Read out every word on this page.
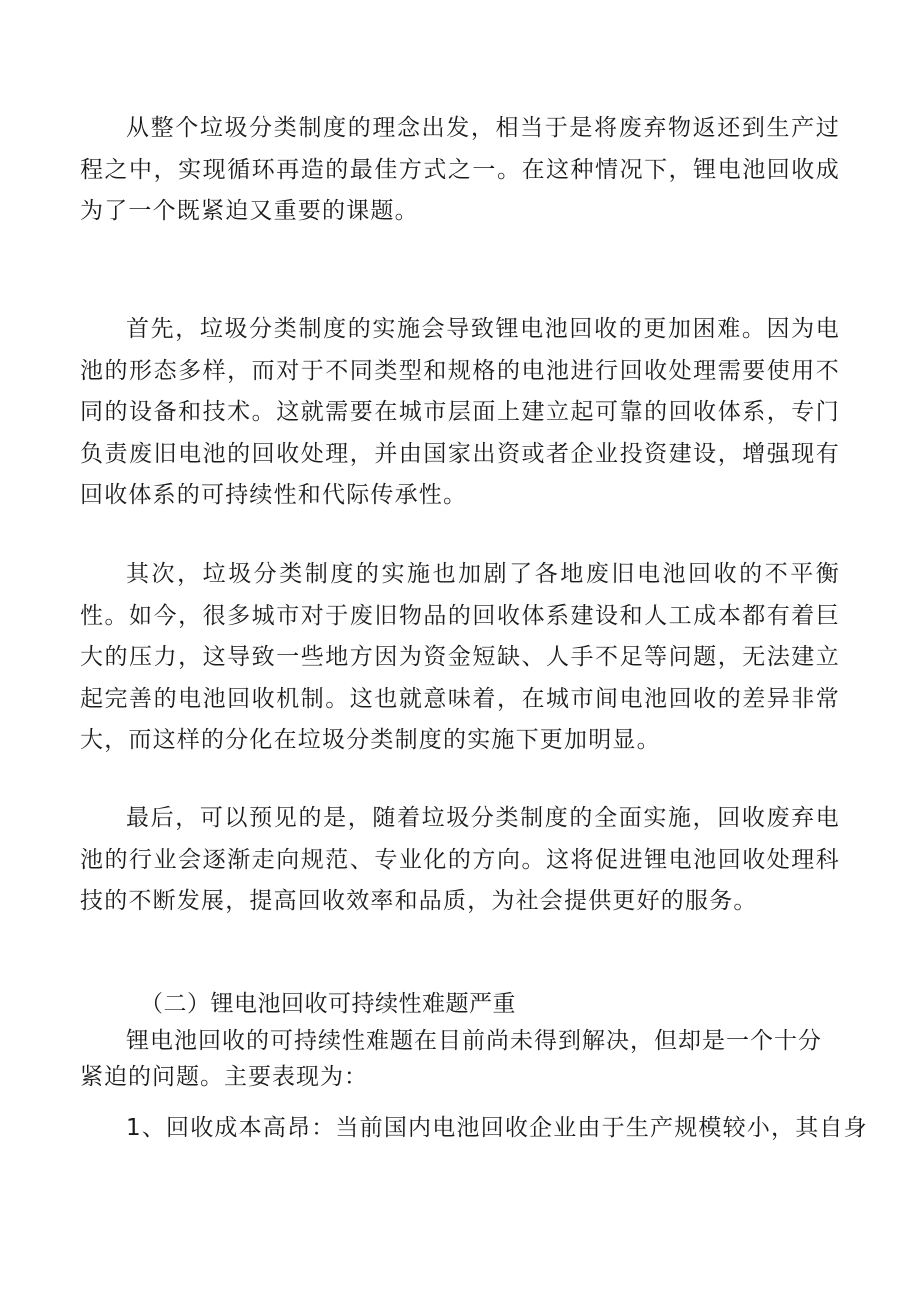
从整个垃圾分类制度的理念出发，相当于是将废弃物返还到生产过程之中，实现循环再造的最佳方式之一。在这种情况下，锂电池回收成为了一个既紧迫又重要的课题。

首先，垃圾分类制度的实施会导致锂电池回收的更加困难。因为电池的形态多样，而对于不同类型和规格的电池进行回收处理需要使用不同的设备和技术。这就需要在城市层面上建立起可靠的回收体系，专门负责废旧电池的回收处理，并由国家出资或者企业投资建设，增强现有回收体系的可持续性和代际传承性。

其次，垃圾分类制度的实施也加剧了各地废旧电池回收的不平衡性。如今，很多城市对于废旧物品的回收体系建设和人工成本都有着巨大的压力，这导致一些地方因为资金短缺、人手不足等问题，无法建立起完善的电池回收机制。这也就意味着，在城市间电池回收的差异非常大，而这样的分化在垃圾分类制度的实施下更加明显。

最后，可以预见的是，随着垃圾分类制度的全面实施，回收废弃电池的行业会逐渐走向规范、专业化的方向。这将促进锂电池回收处理科技的不断发展，提高回收效率和品质，为社会提供更好的服务。

（二）锂电池回收可持续性难题严重

锂电池回收的可持续性难题在目前尚未得到解决，但却是一个十分紧迫的问题。主要表现为：

1、回收成本高昂：当前国内电池回收企业由于生产规模较小，其自身
